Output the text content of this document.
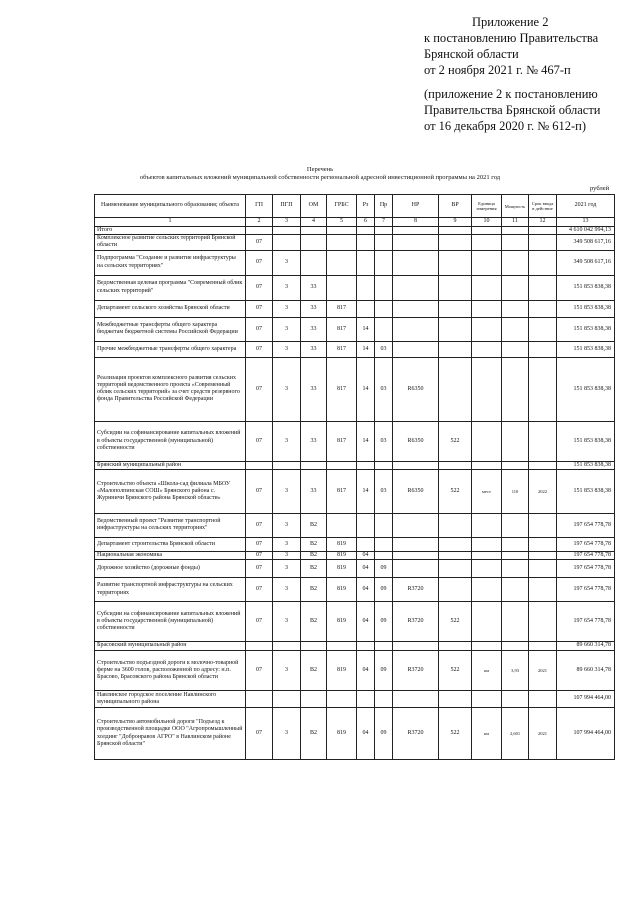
Приложение 2
к постановлению Правительства
Брянской области
от 2 ноября 2021 г. № 467-п
(приложение 2 к постановлению
Правительства Брянской области
от 16 декабря 2020 г. № 612-п)
Перечень
объектов капитальных вложений муниципальной собственности региональной адресной инвестиционной программы на 2021 год
рублей
Наименование муниципального образования; объекта	ГП	ПГП	ОМ	ГРБС	Рз	Пр	НР	ВР	Единица измерения	Мощность	Срок ввода в действие	2021 год
1	2	3	4	5	6	7	8	9	10	11	12	13
Итого												4 610 042 994,13
Комплексное развитие сельских территорий Брянской области	07											349 508 617,16
Подпрограмма "Создание и развитие инфраструктуры на сельских территориях"	07	3										349 508 617,16
Ведомственная целевая программа "Современный облик сельских территорий"	07	3	33									151 853 838,38
Департамент сельского хозяйства Брянской области	07	3	33	817								151 853 838,38
Межбюджетные трансферты общего характера бюджетам бюджетной системы Российской Федерации	07	3	33	817	14							151 853 838,38
Прочие межбюджетные трансферты общего характера	07	3	33	817	14	03						151 853 838,38
Реализация проектов комплексного развития сельских территорий ведомственного проекта «Современный облик сельских территорий» за счет средств резервного фонда Правительства Российской Федерации	07	3	33	817	14	03	R6350					151 853 838,38
Субсидии на софинансирование капитальных вложений в объекты государственной (муниципальной) собственности	07	3	33	817	14	03	R6350	522				151 853 838,38
Брянский муниципальный район												151 853 838,38
Строительство объекта «Школа-сад филиала МБОУ «Малополпинская СОШ» Брянского района с. Журиничи Брянского района Брянской области»	07	3	33	817	14	03	R6350	522	мест	110	2022	151 853 838,38
Ведомственный проект "Развитие транспортной инфраструктуры на сельских территориях"	07	3	В2									197 654 778,78
Департамент строительства Брянской области	07	3	В2	819								197 654 778,78
Национальная экономика	07	3	В2	819	04							197 654 778,78
Дорожное хозяйство (дорожные фонды)	07	3	В2	819	04	09						197 654 778,78
Развитие транспортной инфраструктуры на сельских территориях	07	3	В2	819	04	09	R3720					197 654 778,78
Субсидии на софинансирование капитальных вложений в объекты государственной (муниципальной) собственности	07	3	В2	819	04	09	R3720	522				197 654 778,78
Брасовский муниципальный район												89 660 314,78
Строительство подъездной дороги к молочно-товарной ферме на 3600 голов, расположенной по адресу: н.п. Брасово, Брасовского района Брянской области	07	3	В2	819	04	09	R3720	522	км	3,93	2021	89 660 314,78
Навлинское городское поселение Навлинского муниципального района												107 994 464,00
Строительство автомобильной дороги "Подъезд к производственной площадке ООО "Агропромышленный холдинг "Добронравов АГРО" в Навлинском районе Брянской области"	07	3	В2	819	04	09	R3720	522	км	2,601	2021	107 994 464,00
